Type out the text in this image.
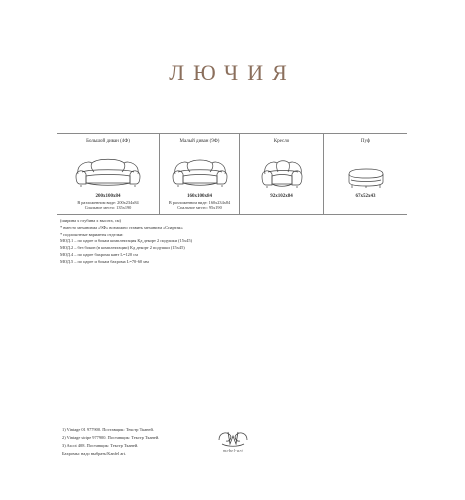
ЛЮЧИЯ
Большой диван (4Ф)
200x100x84
В разложенном виде: 200x234x84
Спальное место: 135x190
Малый диван (9Ф)
160x100x84
В разложенном виде: 160x234x84
Спальное место: 95x190
Кресло
92x102x84
Пуф
67x52x43
(ширина x глубина x высота, см)
* вместо механизма «9Ф» возможно ставить механизм «Спартак»
* подлокотные варианты отделки:
МОД.1 – по царге и бокам комплектация Кд декорт 2 подушки (15x45)
МОД.2 – без бокон (в комплектации) Кд декорт 2 подушки (15x45)
МОД.4 – по царге бахрома кант L=120 см
МОД.5 – по царге и бокам бахрома L=70-60 мм
1) Vintage 01 977900. Поставщик: Текстр Тканей.
2) Vintage stripe 977900. Поставщик: Текстр Тканей.
3) Ascot 408. Поставщик: Текстр Тканей.
Бахромы: надо выбрать/Kanfel art.
mebel-art
